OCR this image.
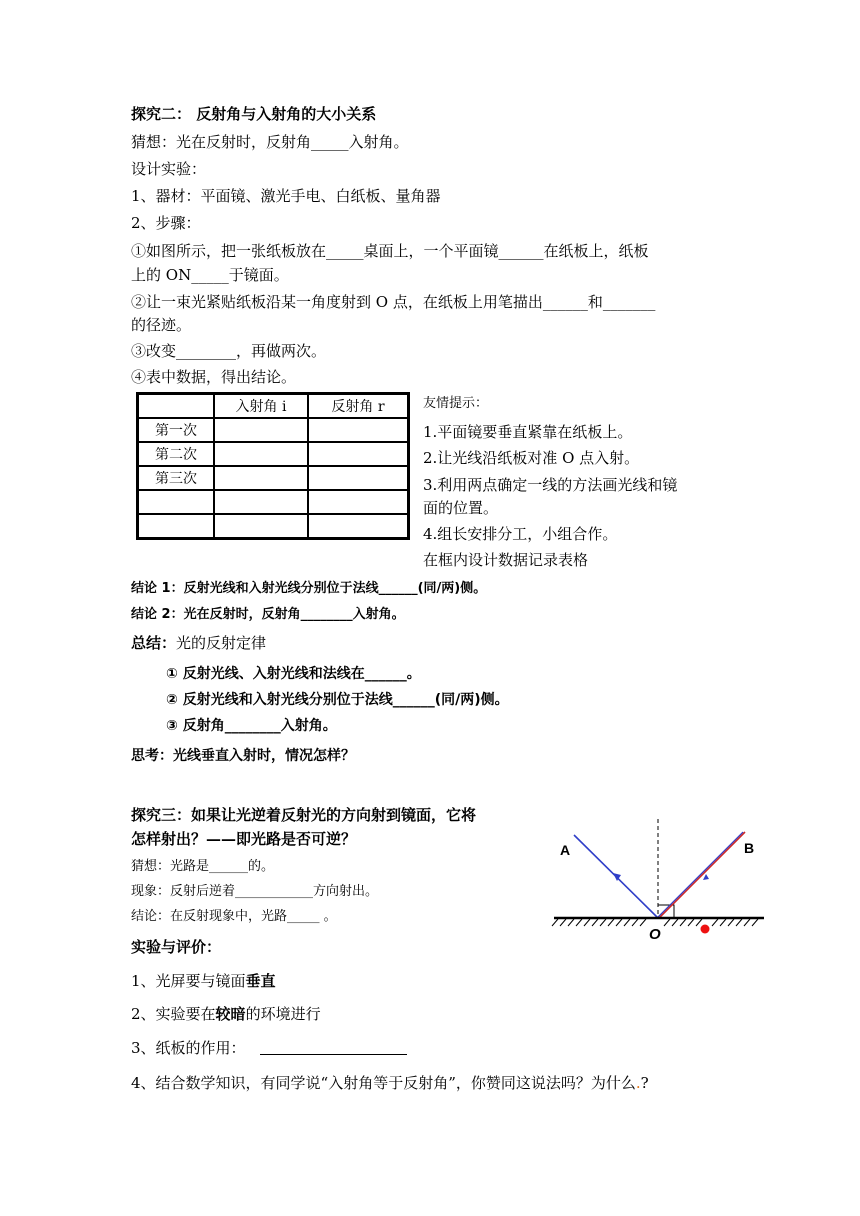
探究二： 反射角与入射角的大小关系
猜想：光在反射时，反射角_____入射角。
设计实验：
1、器材：平面镜、激光手电、白纸板、量角器
2、步骤：
①如图所示，把一张纸板放在_____桌面上，一个平面镜______在纸板上，纸板
上的 ON_____于镜面。
②让一束光紧贴纸板沿某一角度射到 O 点，在纸板上用笔描出______和_______
的径迹。
③改变________，再做两次。
④表中数据，得出结论。
	入射角 i	反射角 r
第一次		
第二次		
第三次		

友情提示：
1.平面镜要垂直紧靠在纸板上。
2.让光线沿纸板对准 O 点入射。
3.利用两点确定一线的方法画光线和镜
面的位置。
4.组长安排分工，小组合作。
在框内设计数据记录表格
结论 1：反射光线和入射光线分别位于法线______(同/两)侧。
结论 2：光在反射时，反射角________入射角。
总结：光的反射定律
① 反射光线、入射光线和法线在______。
② 反射光线和入射光线分别位于法线______(同/两)侧。
③ 反射角________入射角。
思考：光线垂直入射时，情况怎样？
探究三：如果让光逆着反射光的方向射到镜面，它将
怎样射出？——即光路是否可逆？
猜想：光路是______的。
现象：反射后逆着____________方向射出。
结论：在反射现象中，光路_____ 。
A	B
O
实验与评价：
1、光屏要与镜面垂直
2、实验要在较暗的环境进行
3、纸板的作用：
4、结合数学知识，有同学说“入射角等于反射角”，你赞同这说法吗？为什么.?
